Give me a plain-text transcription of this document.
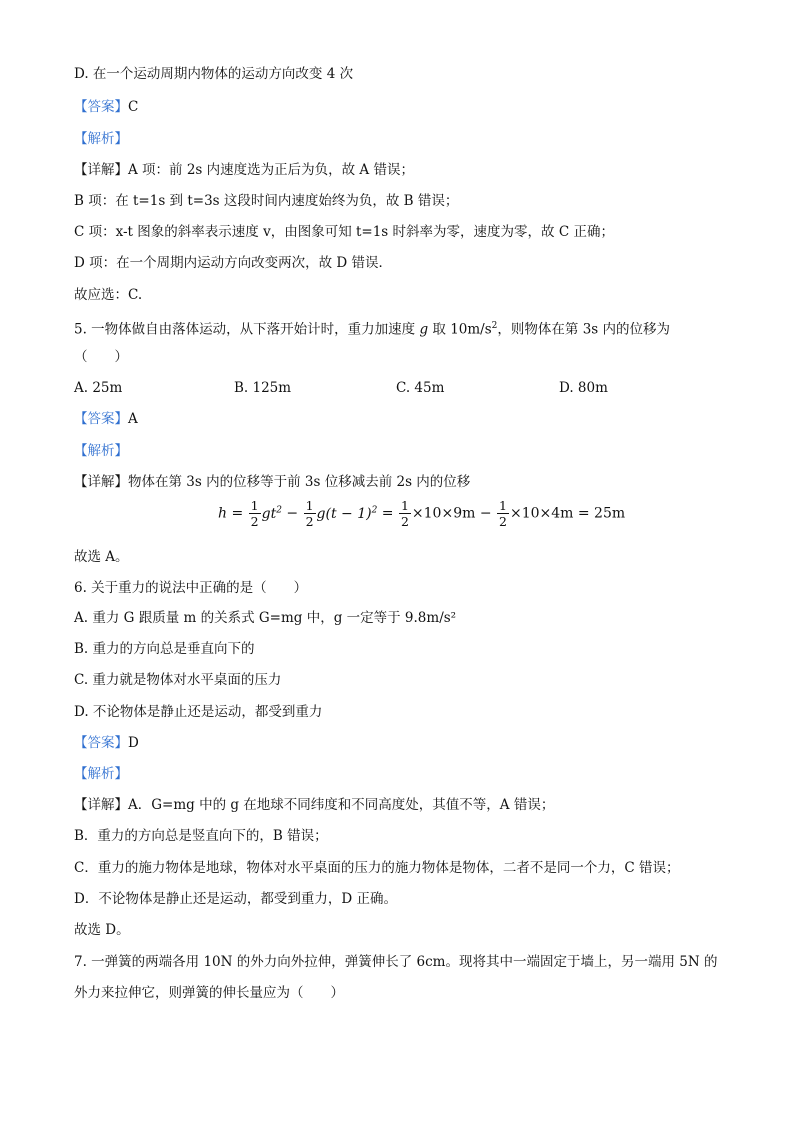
D. 在一个运动周期内物体的运动方向改变 4 次
【答案】C
【解析】
【详解】A 项：前 2s 内速度选为正后为负，故 A 错误；
B 项：在 t=1s 到 t=3s 这段时间内速度始终为负，故 B 错误；
C 项：x-t 图象的斜率表示速度 v，由图象可知 t=1s 时斜率为零，速度为零，故 C 正确；
D 项：在一个周期内运动方向改变两次，故 D 错误．
故应选：C.
5. 一物体做自由落体运动，从下落开始计时，重力加速度 g 取 $10m/s^2$，则物体在第 3s 内的位移为
（　　）
A. 25m	B. 125m	C. 45m	D. 80m
【答案】A
【解析】
【详解】物体在第 3s 内的位移等于前 3s 位移减去前 2s 内的位移
$h = \frac{1}{2} gt^2 - \frac{1}{2} g(t - 1)^2 = \frac{1}{2} \times 10\times 9m - \frac{1}{2} \times 10\times 4m = 25m$
故选 A。
6. 关于重力的说法中正确的是（　　）
A. 重力 G 跟质量 m 的关系式 G=mg 中，g 一定等于 9.8m/s²
B. 重力的方向总是垂直向下的
C. 重力就是物体对水平桌面的压力
D. 不论物体是静止还是运动，都受到重力
【答案】D
【解析】
【详解】A．G=mg 中的 g 在地球不同纬度和不同高度处，其值不等，A 错误；
B．重力的方向总是竖直向下的，B 错误；
C．重力的施力物体是地球，物体对水平桌面的压力的施力物体是物体，二者不是同一个力，C 错误；
D．不论物体是静止还是运动，都受到重力，D 正确。
故选 D。
7. 一弹簧的两端各用 10N 的外力向外拉伸，弹簧伸长了 6cm。现将其中一端固定于墙上，另一端用 5N 的
外力来拉伸它，则弹簧的伸长量应为（　　）
